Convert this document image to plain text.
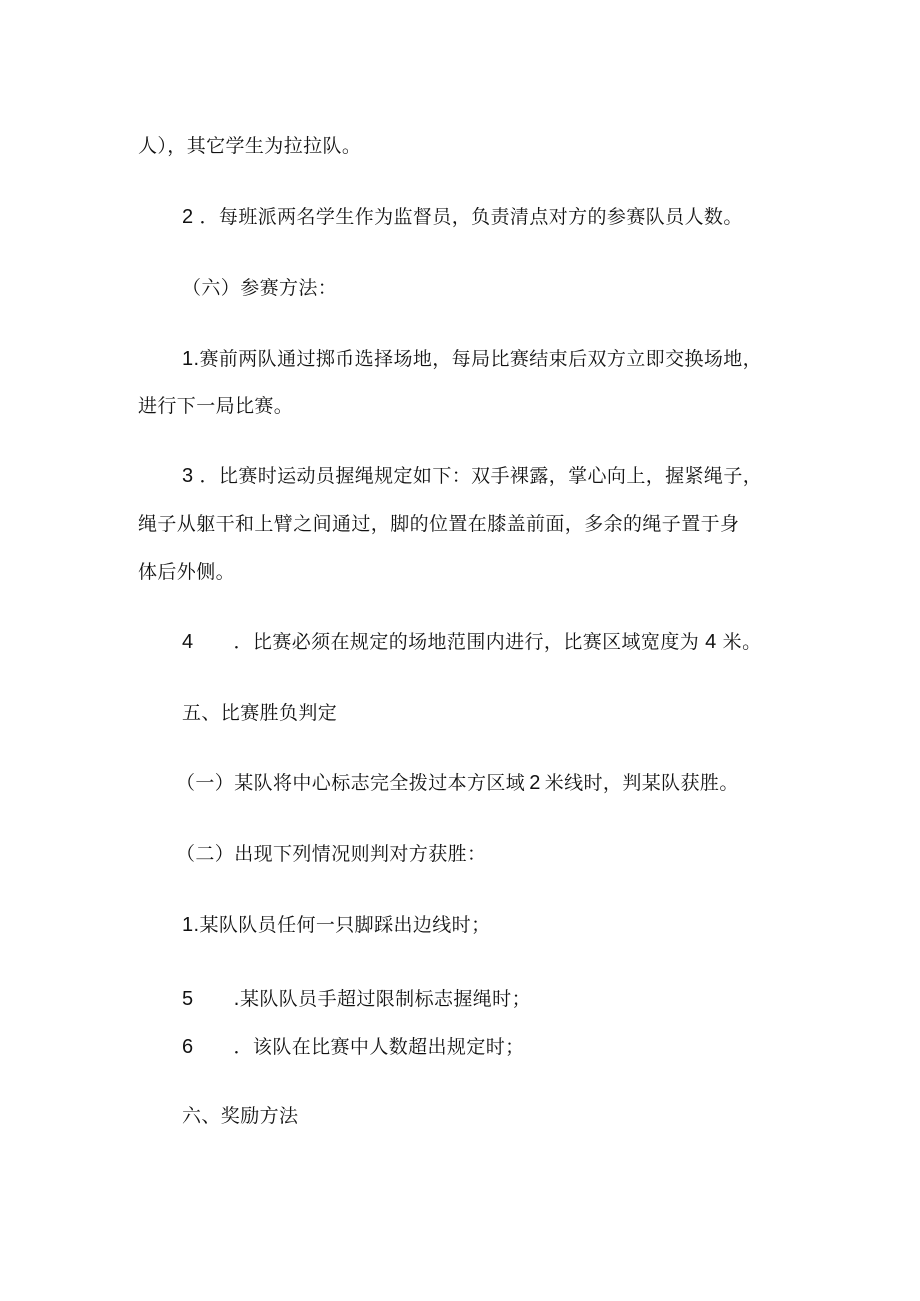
人），其它学生为拉拉队。
2 ．每班派两名学生作为监督员，负责清点对方的参赛队员人数。
（六）参赛方法：
1.赛前两队通过掷币选择场地，每局比赛结束后双方立即交换场地，
进行下一局比赛。
3 ．比赛时运动员握绳规定如下：双手裸露，掌心向上，握紧绳子，
绳子从躯干和上臂之间通过，脚的位置在膝盖前面，多余的绳子置于身
体后外侧。
4 ．比赛必须在规定的场地范围内进行，比赛区域宽度为 4 米。
五、比赛胜负判定
（一）某队将中心标志完全拨过本方区域 2 米线时，判某队获胜。
（二）出现下列情况则判对方获胜：
1.某队队员任何一只脚踩出边线时；
5 .某队队员手超过限制标志握绳时；
6 ．该队在比赛中人数超出规定时；
六、奖励方法
